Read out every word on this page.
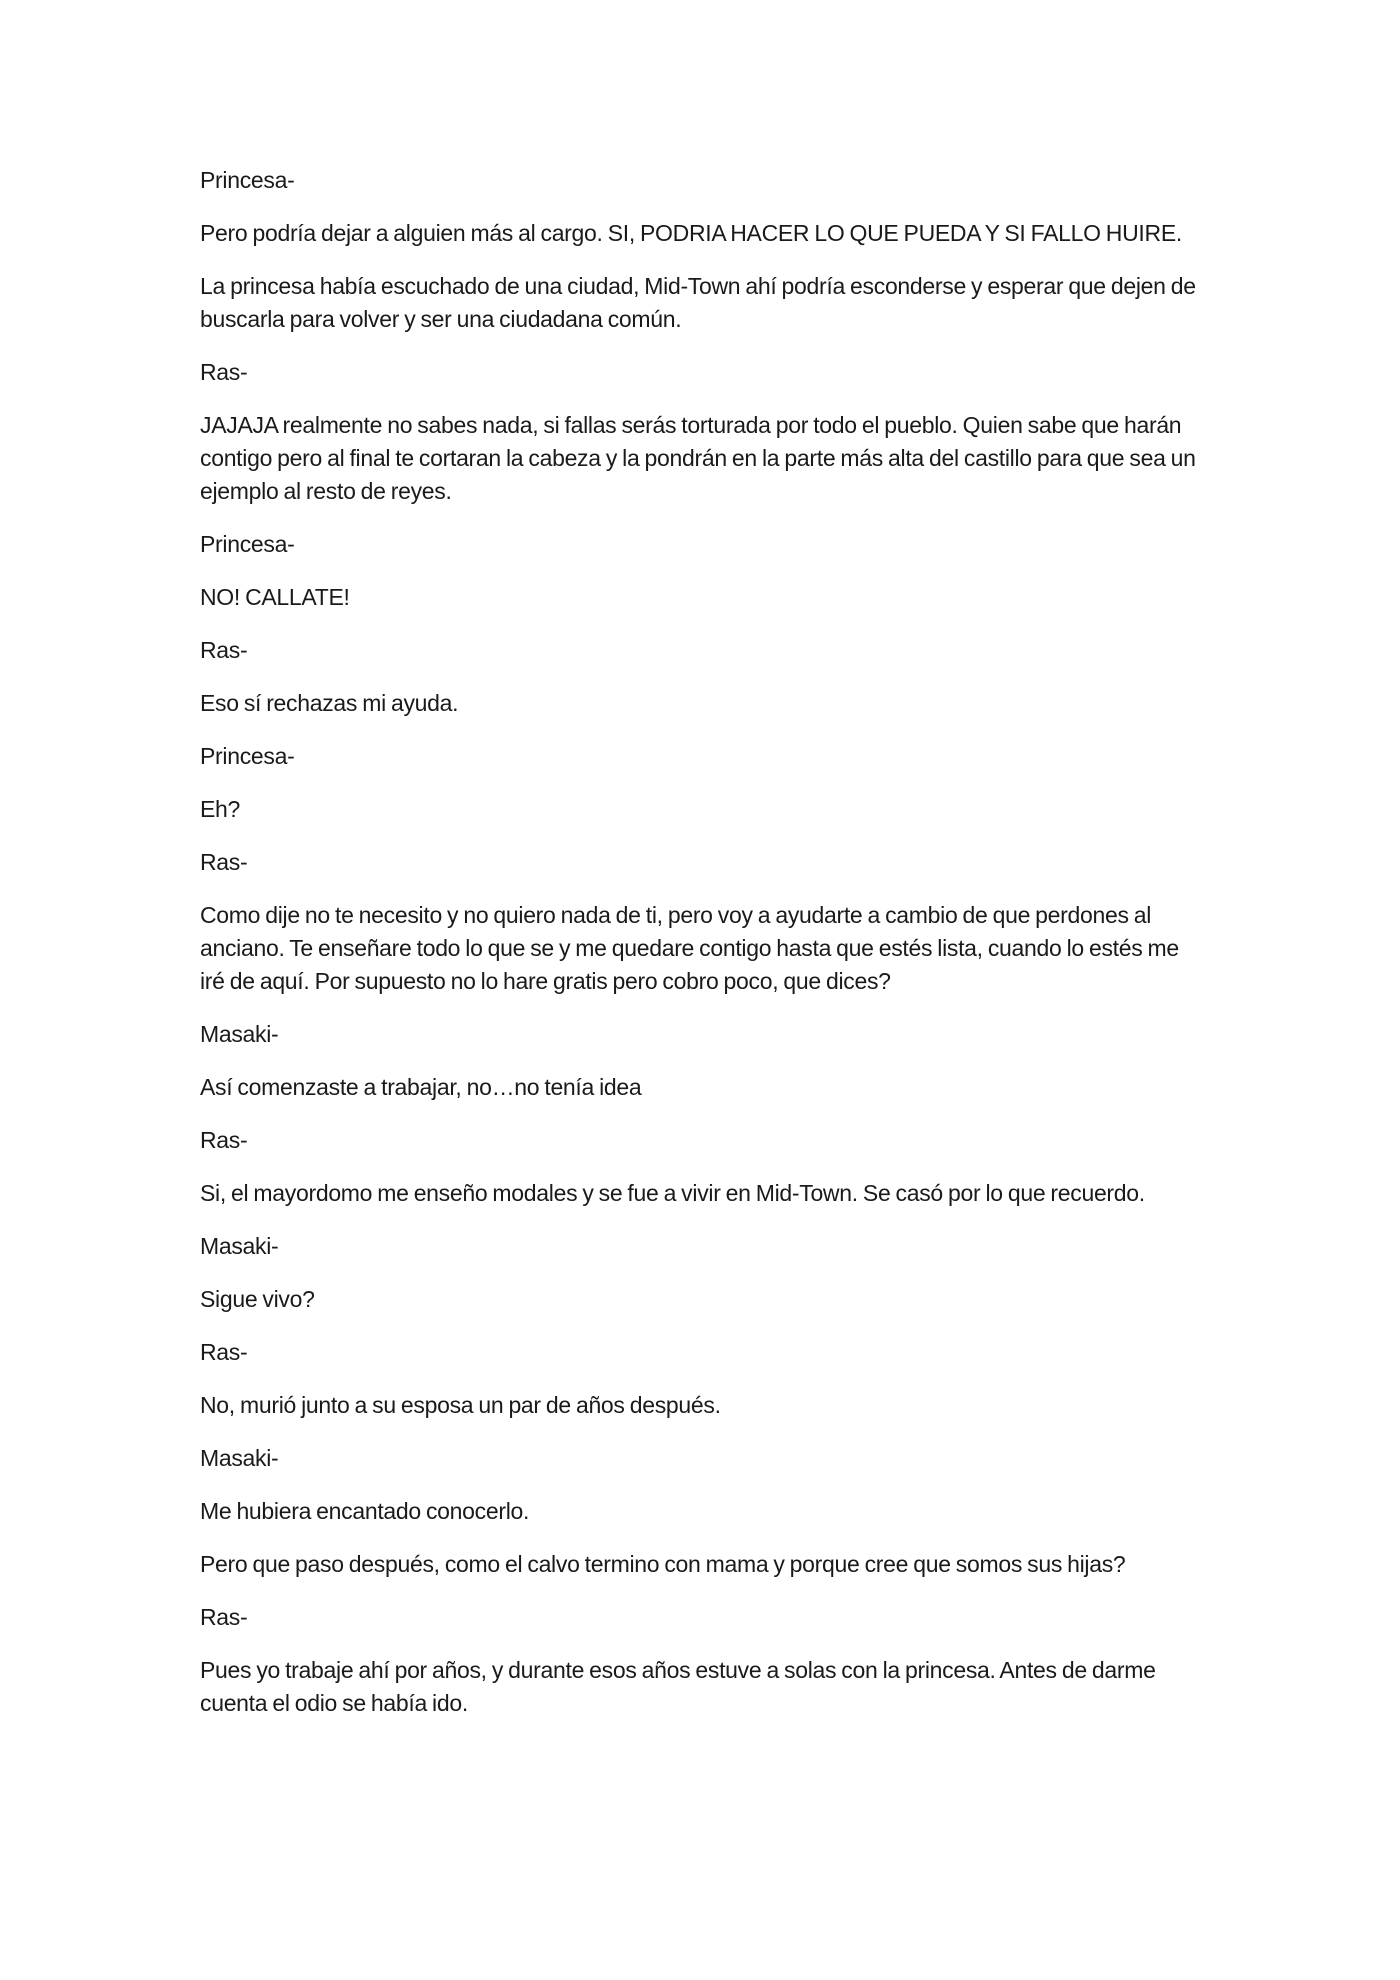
Princesa-

Pero podría dejar a alguien más al cargo. SI, PODRIA HACER LO QUE PUEDA Y SI FALLO HUIRE.

La princesa había escuchado de una ciudad, Mid-Town ahí podría esconderse y esperar que dejen de buscarla para volver y ser una ciudadana común.

Ras-

JAJAJA realmente no sabes nada, si fallas serás torturada por todo el pueblo. Quien sabe que harán contigo pero al final te cortaran la cabeza y la pondrán en la parte más alta del castillo para que sea un ejemplo al resto de reyes.

Princesa-

NO! CALLATE!

Ras-

Eso sí rechazas mi ayuda.

Princesa-

Eh?

Ras-

Como dije no te necesito y no quiero nada de ti, pero voy a ayudarte a cambio de que perdones al anciano. Te enseñare todo lo que se y me quedare contigo hasta que estés lista, cuando lo estés me iré de aquí. Por supuesto no lo hare gratis pero cobro poco, que dices?

Masaki-

Así comenzaste a trabajar, no…no tenía idea

Ras-

Si, el mayordomo me enseño modales y se fue a vivir en Mid-Town. Se casó por lo que recuerdo.

Masaki-

Sigue vivo?

Ras-

No, murió junto a su esposa un par de años después.

Masaki-

Me hubiera encantado conocerlo.

Pero que paso después, como el calvo termino con mama y porque cree que somos sus hijas?

Ras-

Pues yo trabaje ahí por años, y durante esos años estuve a solas con la princesa. Antes de darme cuenta el odio se había ido.
